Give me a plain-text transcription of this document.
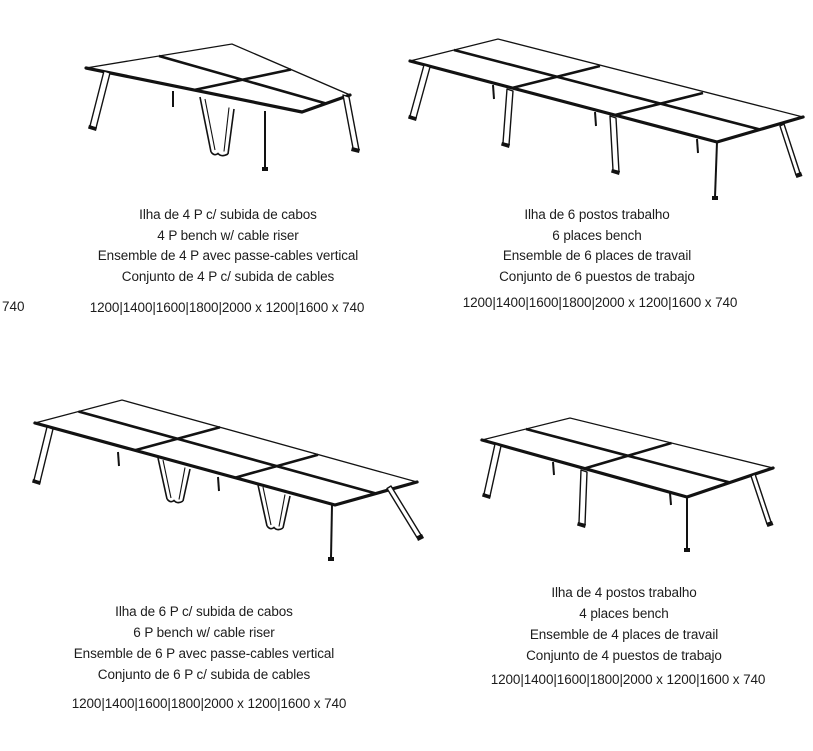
740
Ilha de 4 P c/ subida de cabos
4 P bench w/ cable riser
Ensemble de 4 P avec passe-cables vertical
Conjunto de 4 P c/ subida de cables
1200|1400|1600|1800|2000 x 1200|1600 x 740
Ilha de 6 postos trabalho
6 places bench
Ensemble de 6 places de travail
Conjunto de 6 puestos de trabajo
1200|1400|1600|1800|2000 x 1200|1600 x 740
Ilha de 6 P c/ subida de cabos
6 P bench w/ cable riser
Ensemble de 6 P avec passe-cables vertical
Conjunto de 6 P c/ subida de cables
1200|1400|1600|1800|2000 x 1200|1600 x 740
Ilha de 4 postos trabalho
4 places bench
Ensemble de 4 places de travail
Conjunto de 4 puestos de trabajo
1200|1400|1600|1800|2000 x 1200|1600 x 740
